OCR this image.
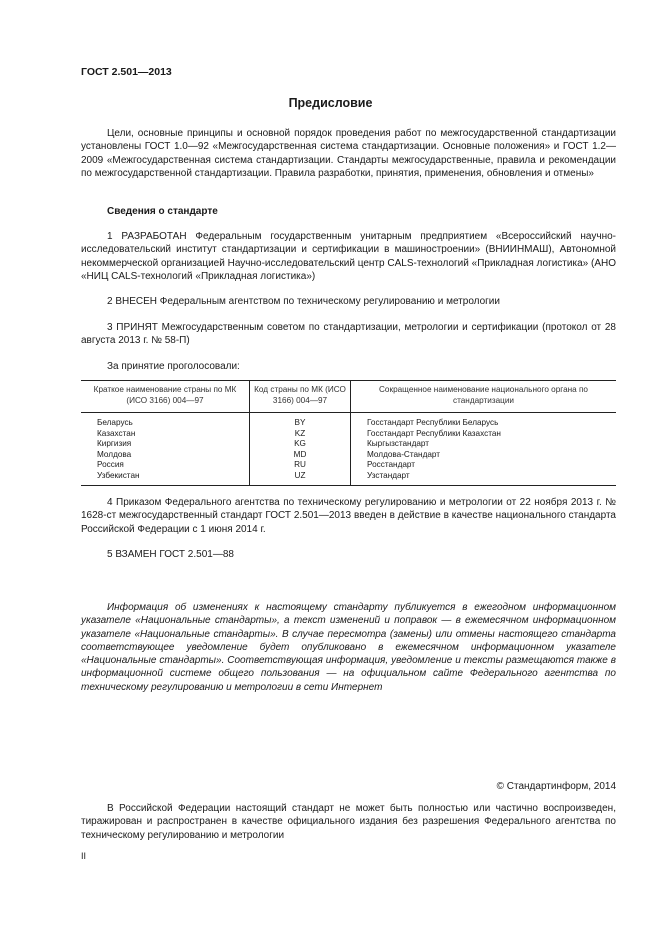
ГОСТ 2.501—2013
Предисловие
Цели, основные принципы и основной порядок проведения работ по межгосударственной стандартизации установлены ГОСТ 1.0—92 «Межгосударственная система стандартизации. Основные положения» и ГОСТ 1.2—2009 «Межгосударственная система стандартизации. Стандарты межгосударственные, правила и рекомендации по межгосударственной стандартизации. Правила разработки, принятия, применения, обновления и отмены»
Сведения о стандарте
1 РАЗРАБОТАН Федеральным государственным унитарным предприятием «Всероссийский научно-исследовательский институт стандартизации и сертификации в машиностроении» (ВНИИНМАШ), Автономной некоммерческой организацией Научно-исследовательский центр CALS-технологий «Прикладная логистика» (АНО «НИЦ CALS-технологий «Прикладная логистика»)
2 ВНЕСЕН Федеральным агентством по техническому регулированию и метрологии
3 ПРИНЯТ Межгосударственным советом по стандартизации, метрологии и сертификации (протокол от 28 августа 2013 г. № 58-П)
За принятие проголосовали:
Краткое наименование страны по МК (ИСО 3166) 004—97	Код страны по МК (ИСО 3166) 004—97	Сокращенное наименование национального органа по стандартизации
Беларусь	BY	Госстандарт Республики Беларусь
Казахстан	KZ	Госстандарт Республики Казахстан
Киргизия	KG	Кыргызстандарт
Молдова	MD	Молдова-Стандарт
Россия	RU	Росстандарт
Узбекистан	UZ	Узстандарт
4 Приказом Федерального агентства по техническому регулированию и метрологии от 22 ноября 2013 г. № 1628-ст межгосударственный стандарт ГОСТ 2.501—2013 введен в действие в качестве национального стандарта Российской Федерации с 1 июня 2014 г.
5 ВЗАМЕН ГОСТ 2.501—88
Информация об изменениях к настоящему стандарту публикуется в ежегодном информационном указателе «Национальные стандарты», а текст изменений и поправок — в ежемесячном информационном указателе «Национальные стандарты». В случае пересмотра (замены) или отмены настоящего стандарта соответствующее уведомление будет опубликовано в ежемесячном информационном указателе «Национальные стандарты». Соответствующая информация, уведомление и тексты размещаются также в информационной системе общего пользования — на официальном сайте Федерального агентства по техническому регулированию и метрологии в сети Интернет
© Стандартинформ, 2014
В Российской Федерации настоящий стандарт не может быть полностью или частично воспроизведен, тиражирован и распространен в качестве официального издания без разрешения Федерального агентства по техническому регулированию и метрологии
II
